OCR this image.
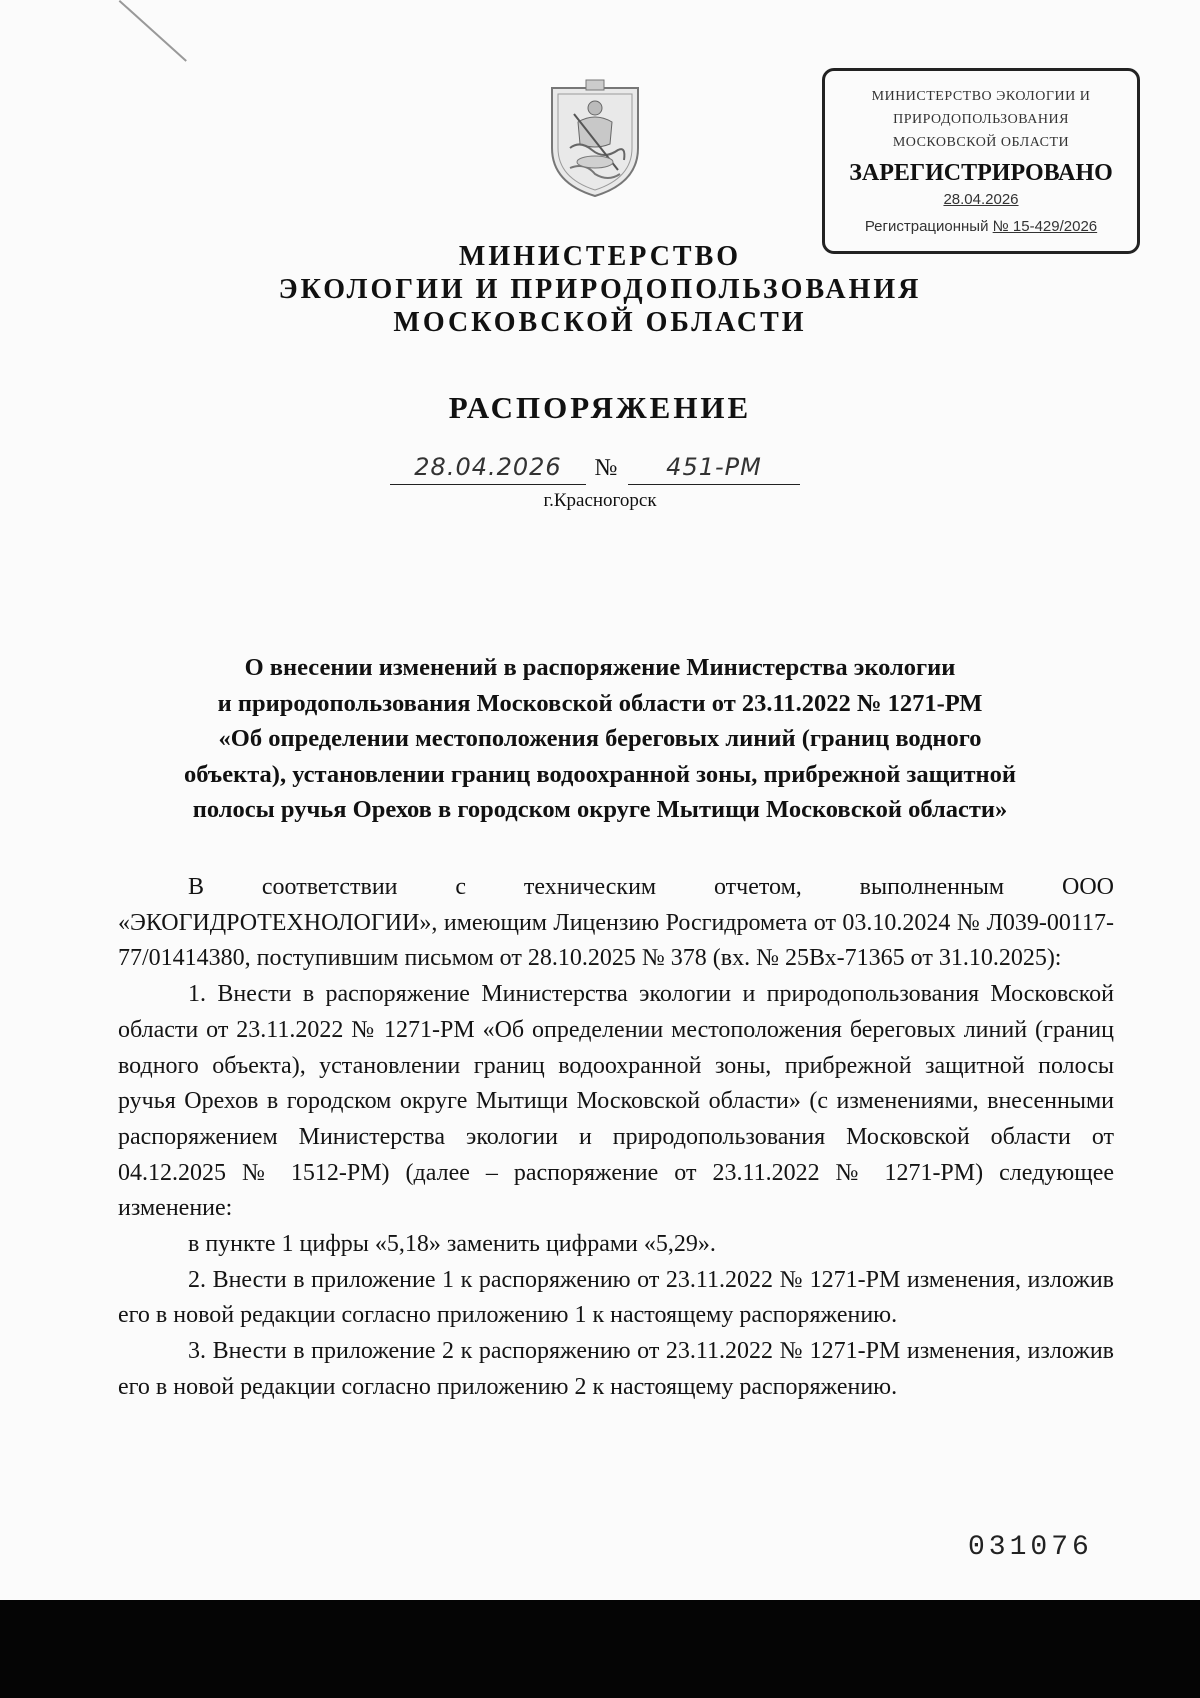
МИНИСТЕРСТВО ЭКОЛОГИИ И
ПРИРОДОПОЛЬЗОВАНИЯ
МОСКОВСКОЙ ОБЛАСТИ
ЗАРЕГИСТРИРОВАНО
28.04.2026
Регистрационный № 15-429/2026
МИНИСТЕРСТВО
ЭКОЛОГИИ И ПРИРОДОПОЛЬЗОВАНИЯ
МОСКОВСКОЙ ОБЛАСТИ
РАСПОРЯЖЕНИЕ
28.04.2026	№	451-РМ
г.Красногорск
О внесении изменений в распоряжение Министерства экологии
и природопользования Московской области от 23.11.2022 № 1271-РМ
«Об определении местоположения береговых линий (границ водного
объекта), установлении границ водоохранной зоны, прибрежной защитной
полосы ручья Орехов в городском округе Мытищи Московской области»

В соответствии с техническим отчетом, выполненным ООО «ЭКОГИДРОТЕХНОЛОГИИ», имеющим Лицензию Росгидромета от 03.10.2024 № Л039-00117-77/01414380, поступившим письмом от 28.10.2025 № 378 (вх. № 25Вх-71365 от 31.10.2025):

1. Внести в распоряжение Министерства экологии и природопользования Московской области от 23.11.2022 № 1271-РМ «Об определении местоположения береговых линий (границ водного объекта), установлении границ водоохранной зоны, прибрежной защитной полосы ручья Орехов в городском округе Мытищи Московской области» (с изменениями, внесенными распоряжением Министерства экологии и природопользования Московской области от 04.12.2025 № 1512-РМ) (далее – распоряжение от 23.11.2022 № 1271-РМ) следующее изменение:

в пункте 1 цифры «5,18» заменить цифрами «5,29».

2. Внести в приложение 1 к распоряжению от 23.11.2022 № 1271-РМ изменения, изложив его в новой редакции согласно приложению 1 к настоящему распоряжению.

3. Внести в приложение 2 к распоряжению от 23.11.2022 № 1271-РМ изменения, изложив его в новой редакции согласно приложению 2 к настоящему распоряжению.

031076
